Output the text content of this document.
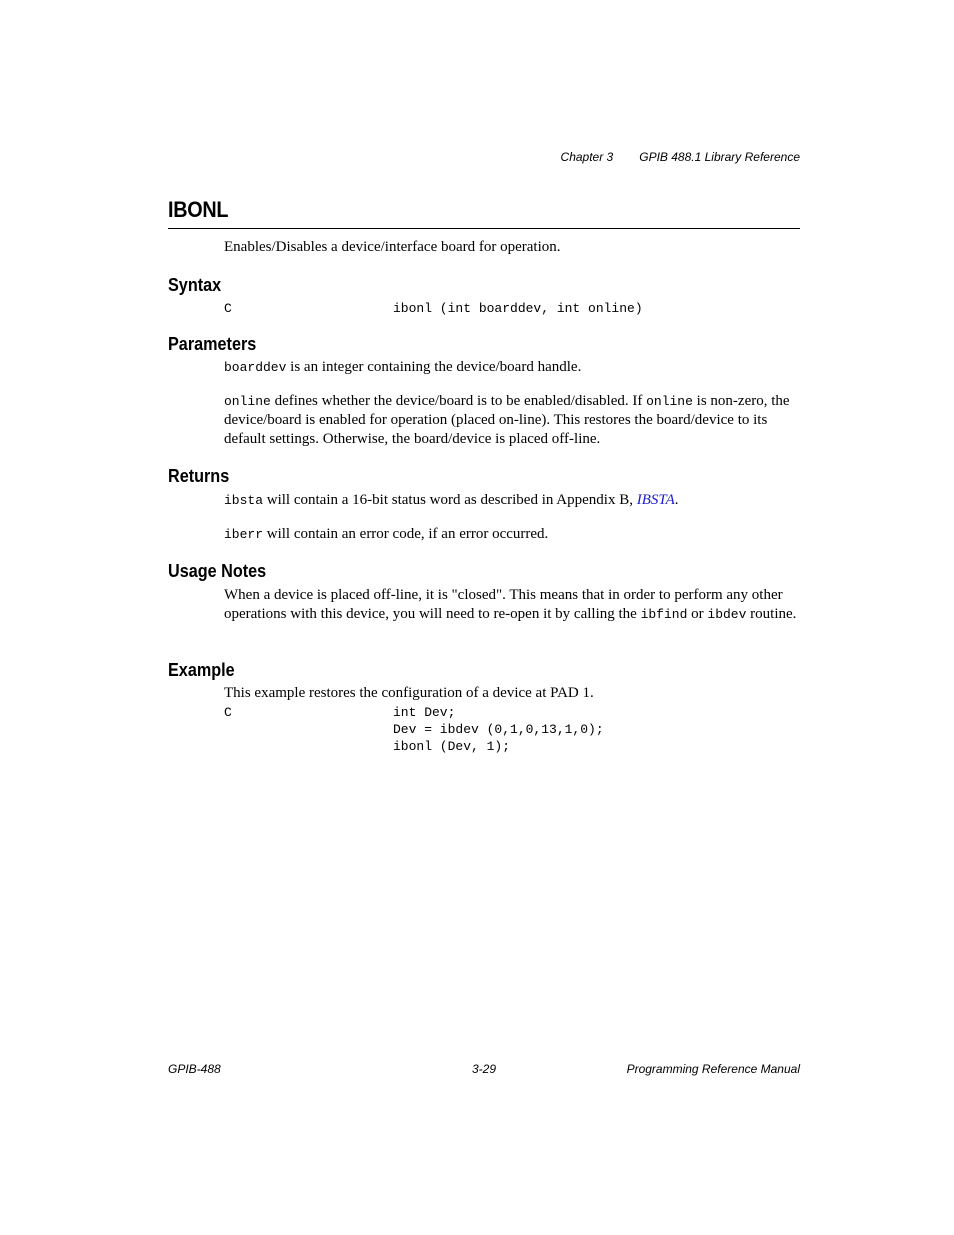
Chapter 3 GPIB 488.1 Library Reference
IBONL
Enables/Disables a device/interface board for operation.
Syntax
C	ibonl (int boarddev, int online)
Parameters
boarddev is an integer containing the device/board handle.
online defines whether the device/board is to be enabled/disabled. If online is non-zero, the device/board is enabled for operation (placed on-line). This restores the board/device to its default settings. Otherwise, the board/device is placed off-line.
Returns
ibsta will contain a 16-bit status word as described in Appendix B, IBSTA.
iberr will contain an error code, if an error occurred.
Usage Notes
When a device is placed off-line, it is "closed". This means that in order to perform any other operations with this device, you will need to re-open it by calling the ibfind or ibdev routine.
Example
This example restores the configuration of a device at PAD 1.
C	int Dev;
Dev = ibdev (0,1,0,13,1,0);
ibonl (Dev, 1);
GPIB-488	3-29	Programming Reference Manual
